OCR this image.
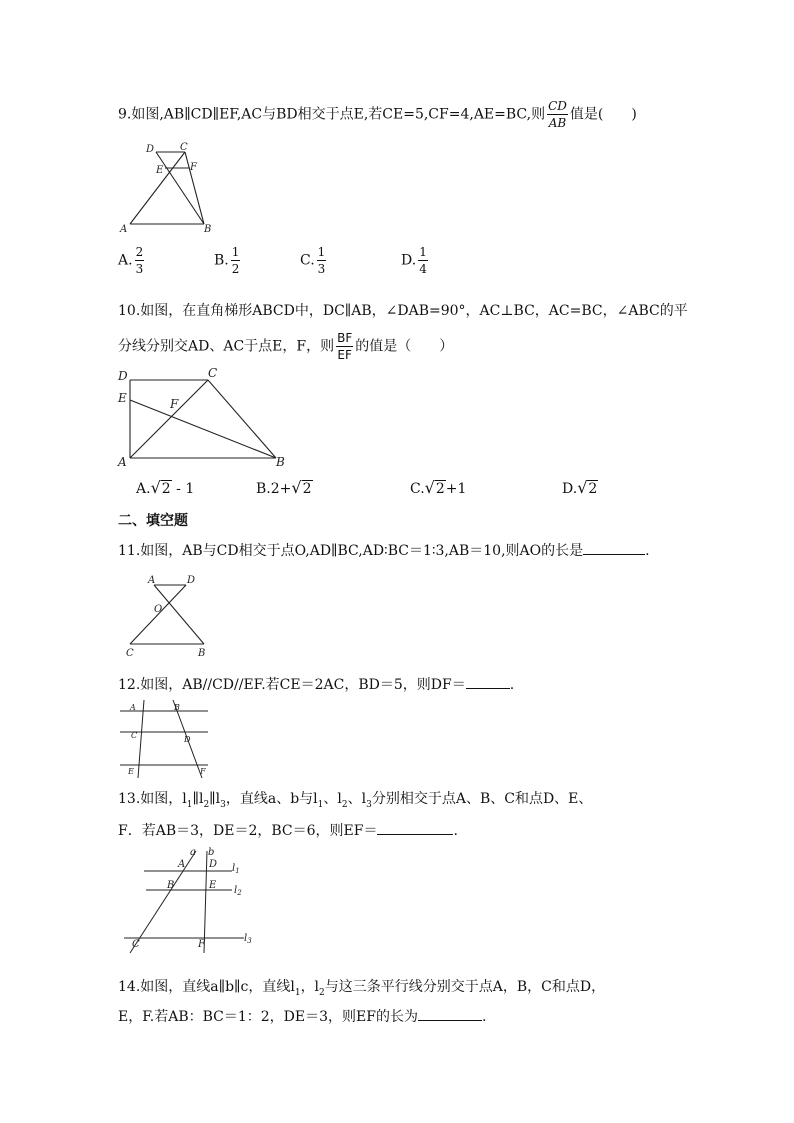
9.如图,AB∥CD∥EF,AC与BD相交于点E,若CE=5,CF=4,AE=BC,则 $\frac{CD}{AB}$ 值是(　　)
D	C
E	F
A	B
A. $\frac{2}{3}$	B. $\frac{1}{2}$	C. $\frac{1}{3}$	D. $\frac{1}{4}$
10.如图，在直角梯形ABCD中，DC∥AB，∠DAB=90°，AC⊥BC，AC=BC，∠ABC的平
分线分别交AD、AC于点E，F，则 $\frac{BF}{EF}$ 的值是（　　）
D	C
E	F
A	B
A.√2 - 1	B.2+√2	C.√2+1	D.√2
二、填空题
11.如图，AB与CD相交于点O,AD∥BC,AD∶BC＝1∶3,AB＝10,则AO的长是	.
A	D
O
C	B
12.如图，AB//CD//EF.若CE＝2AC，BD＝5，则DF＝	.
A	B
C	D
E	F
13.如图，$l_1\parallel l_2\parallel l_3$，直线a、b与$l_1$、$l_2$、$l_3$分别相交于点A、B、C和点D、E、
F．若AB＝3，DE＝2，BC＝6，则EF＝	.
a b
A D
B	E
C	F
$l_1$
$l_2$
$l_3$
14.如图，直线a∥b∥c，直线$l_1$，$l_2$与这三条平行线分别交于点A，B，C和点D，
E，F.若AB：BC＝1：2，DE＝3，则EF的长为	.
